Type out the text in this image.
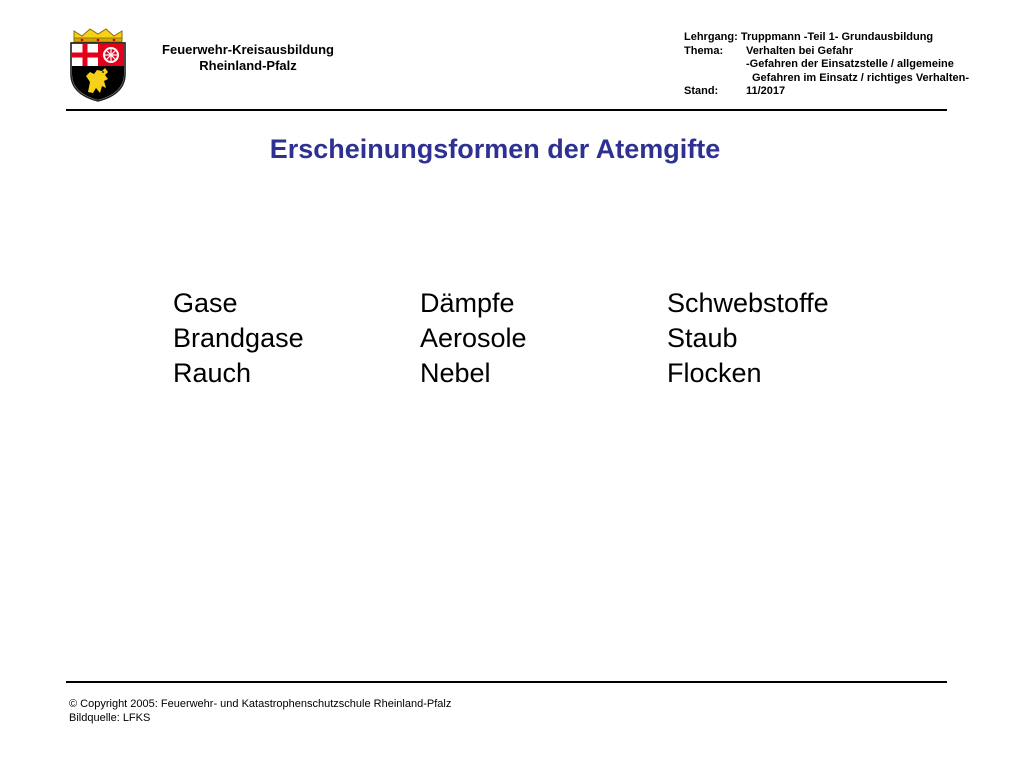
Feuerwehr-Kreisausbildung
Rheinland-Pfalz
Lehrgang:
Truppmann -Teil 1- Grundausbildung
Thema:	Verhalten bei Gefahr
-Gefahren der Einsatzstelle / allgemeine
Gefahren im Einsatz / richtiges Verhalten-
Stand:	11/2017
Erscheinungsformen der Atemgifte
Gase
Brandgase
Rauch
Dämpfe
Aerosole
Nebel
Schwebstoffe
Staub
Flocken
© Copyright 2005: Feuerwehr- und Katastrophenschutzschule Rheinland-Pfalz
Bildquelle: LFKS
